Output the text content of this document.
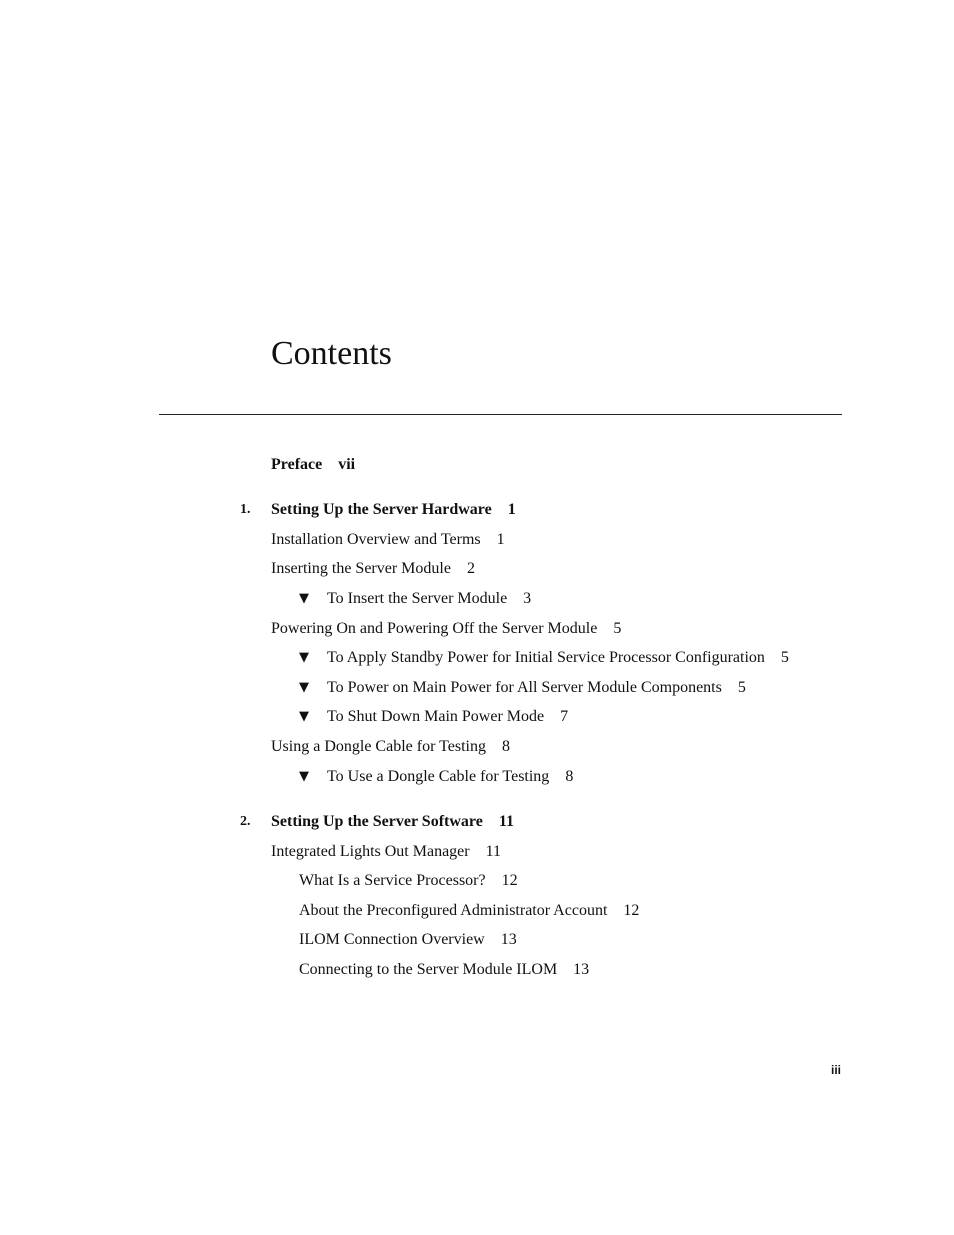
Contents
Preface vii
1. Setting Up the Server Hardware 1
Installation Overview and Terms 1
Inserting the Server Module 2
▼ To Insert the Server Module 3
Powering On and Powering Off the Server Module 5
▼ To Apply Standby Power for Initial Service Processor Configuration 5
▼ To Power on Main Power for All Server Module Components 5
▼ To Shut Down Main Power Mode 7
Using a Dongle Cable for Testing 8
▼ To Use a Dongle Cable for Testing 8
2. Setting Up the Server Software 11
Integrated Lights Out Manager 11
What Is a Service Processor? 12
About the Preconfigured Administrator Account 12
ILOM Connection Overview 13
Connecting to the Server Module ILOM 13
iii
